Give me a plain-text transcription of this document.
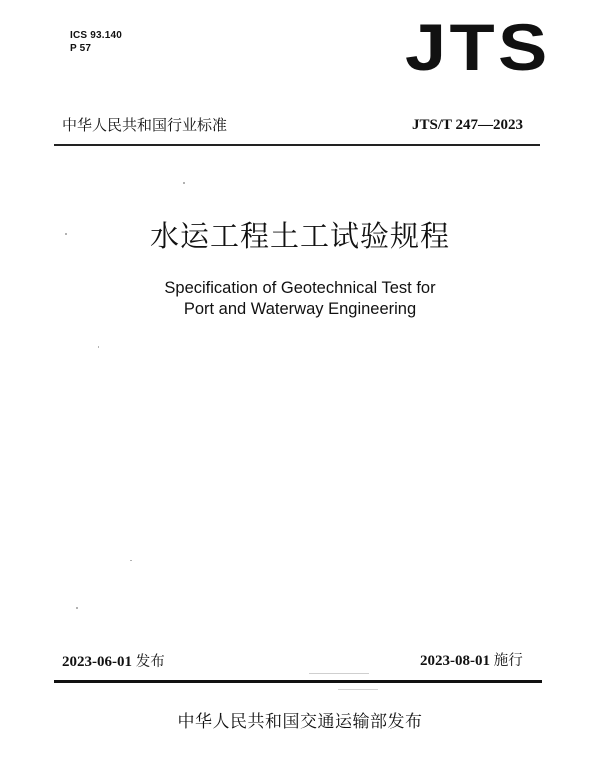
ICS 93.140
P 57	JTS
中华人民共和国行业标准	JTS/T 247—2023
水运工程土工试验规程
Specification of Geotechnical Test for
Port and Waterway Engineering
2023-06-01 发布	2023-08-01 施行
中华人民共和国交通运输部发布
